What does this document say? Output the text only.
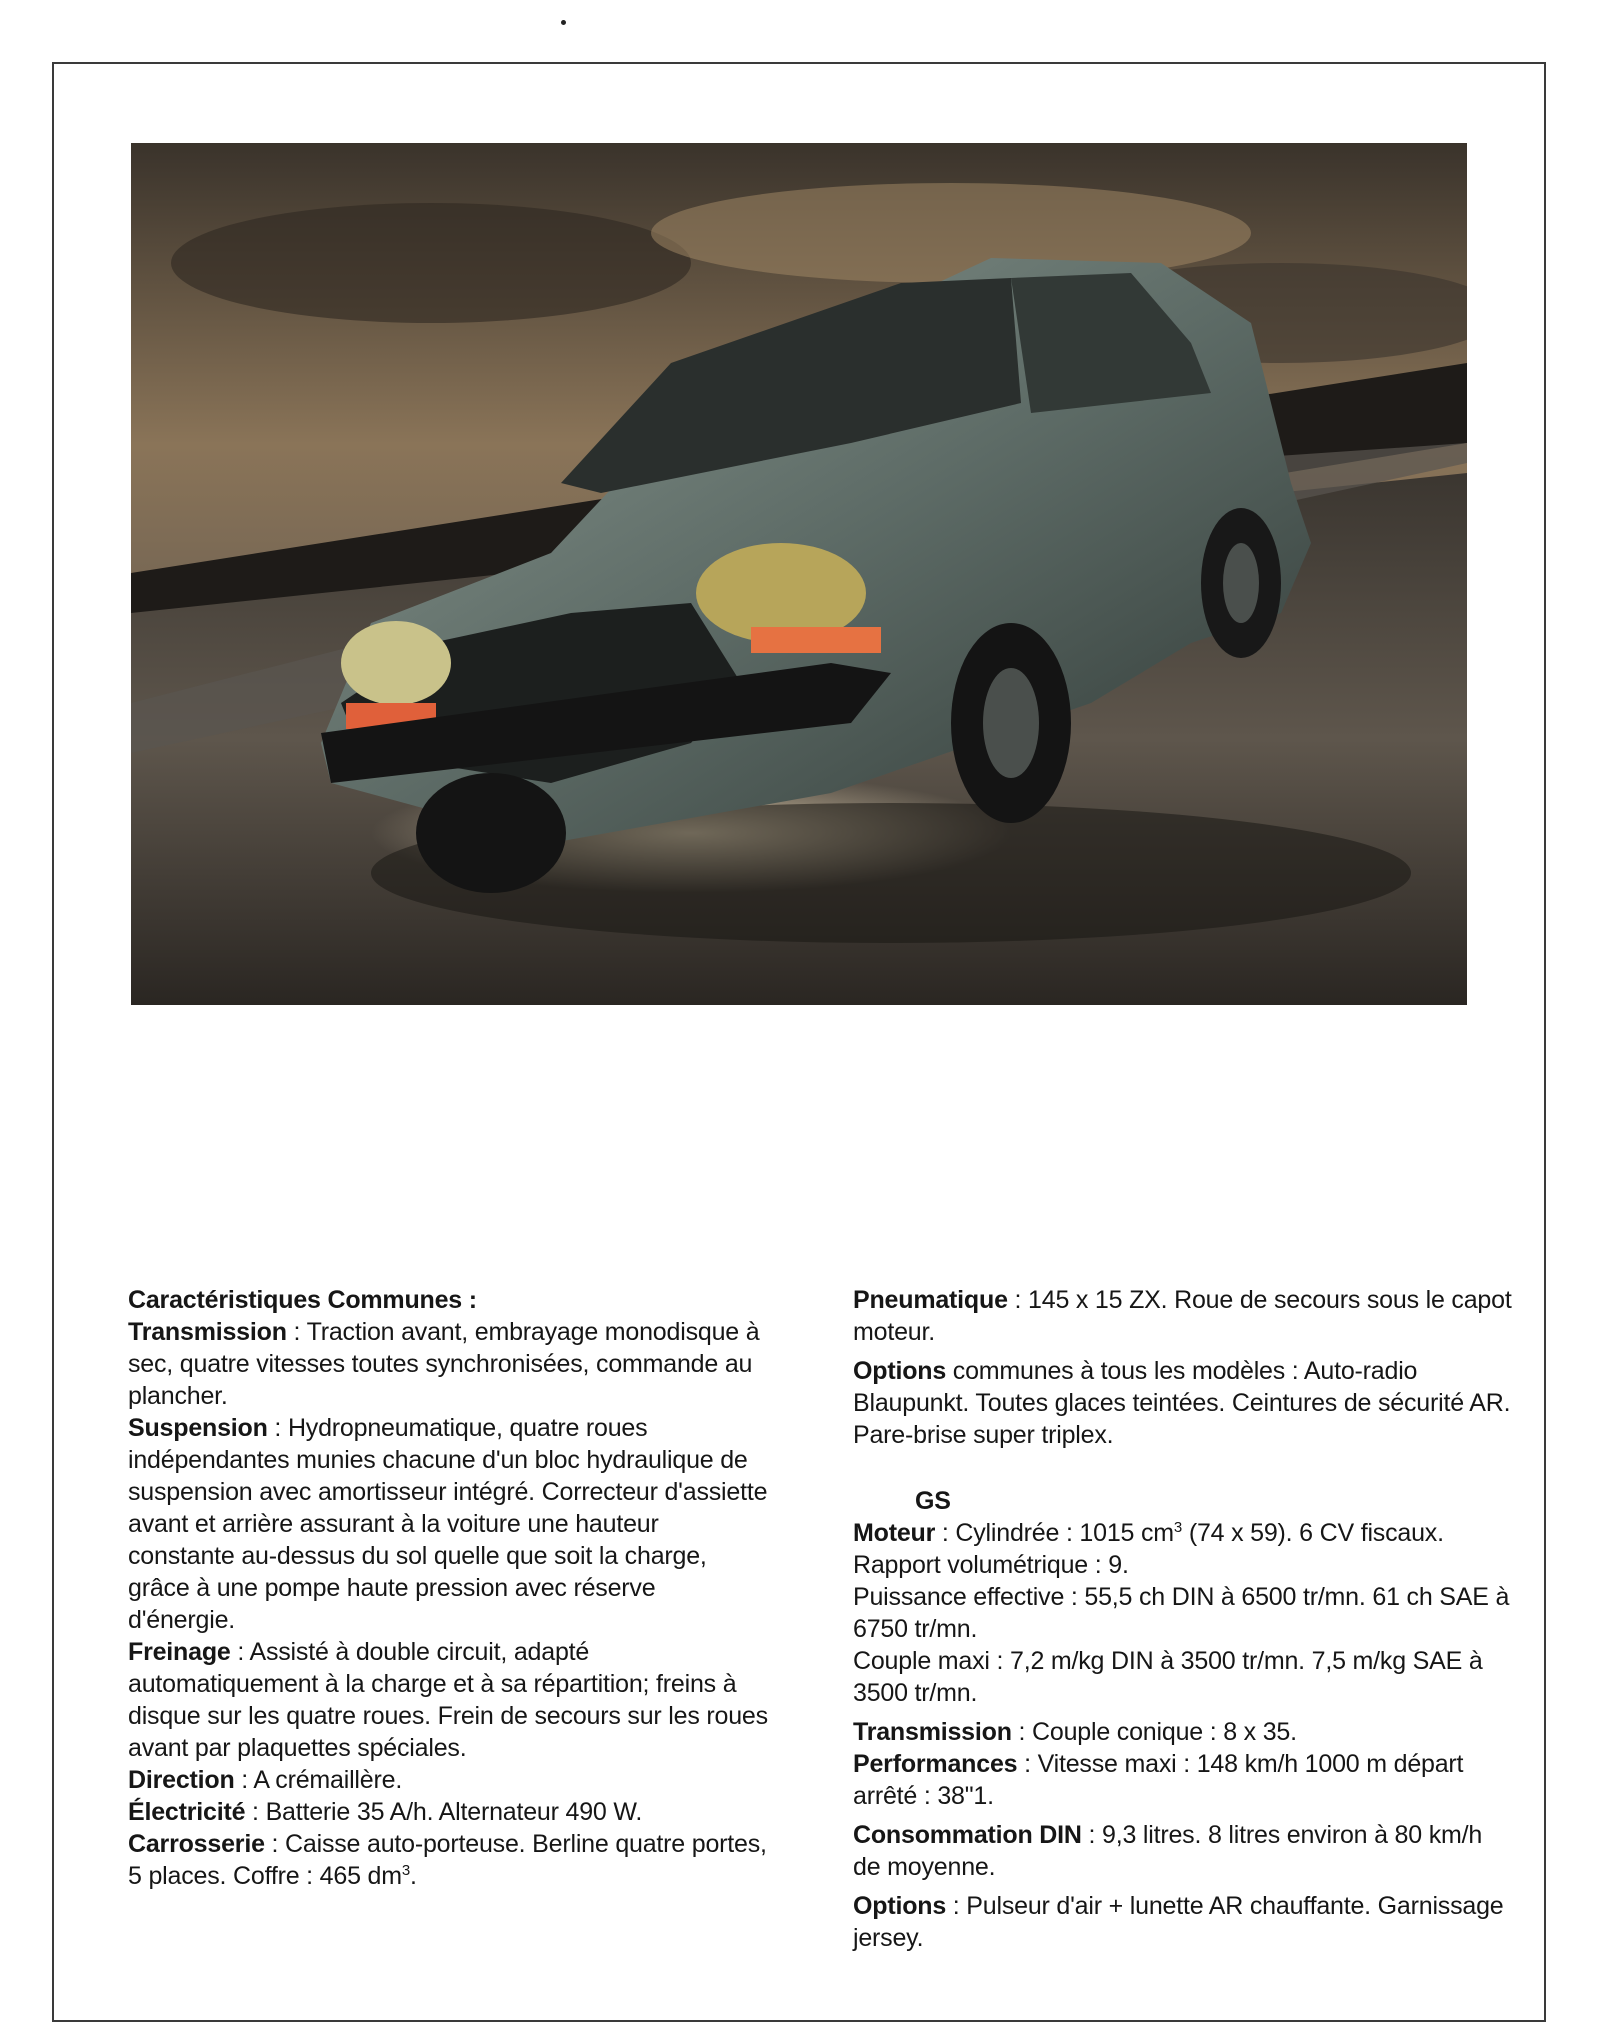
Caractéristiques Communes :
Transmission : Traction avant, embrayage monodisque à sec, quatre vitesses toutes synchronisées, commande au plancher.
Suspension : Hydropneumatique, quatre roues indépendantes munies chacune d'un bloc hydraulique de suspension avec amortisseur intégré. Correcteur d'assiette avant et arrière assurant à la voiture une hauteur constante au-dessus du sol quelle que soit la charge, grâce à une pompe haute pression avec réserve d'énergie.
Freinage : Assisté à double circuit, adapté automatiquement à la charge et à sa répartition; freins à disque sur les quatre roues. Frein de secours sur les roues avant par plaquettes spéciales.
Direction : A crémaillère.
Électricité : Batterie 35 A/h. Alternateur 490 W.
Carrosserie : Caisse auto-porteuse. Berline quatre portes, 5 places. Coffre : 465 $dm^3$.
Pneumatique : 145 x 15 ZX. Roue de secours sous le capot moteur.
Options communes à tous les modèles : Auto-radio Blaupunkt. Toutes glaces teintées. Ceintures de sécurité AR. Pare-brise super triplex.
GS
Moteur : Cylindrée : 1015 $cm^3$ (74 x 59). 6 CV fiscaux. Rapport volumétrique : 9.
Puissance effective : 55,5 ch DIN à 6500 tr/mn. 61 ch SAE à 6750 tr/mn.
Couple maxi : 7,2 m/kg DIN à 3500 tr/mn. 7,5 m/kg SAE à 3500 tr/mn.
Transmission : Couple conique : 8 x 35.
Performances : Vitesse maxi : 148 km/h 1000 m départ arrêté : 38"1.
Consommation DIN : 9,3 litres. 8 litres environ à 80 km/h de moyenne.
Options : Pulseur d'air + lunette AR chauffante. Garnissage jersey.
